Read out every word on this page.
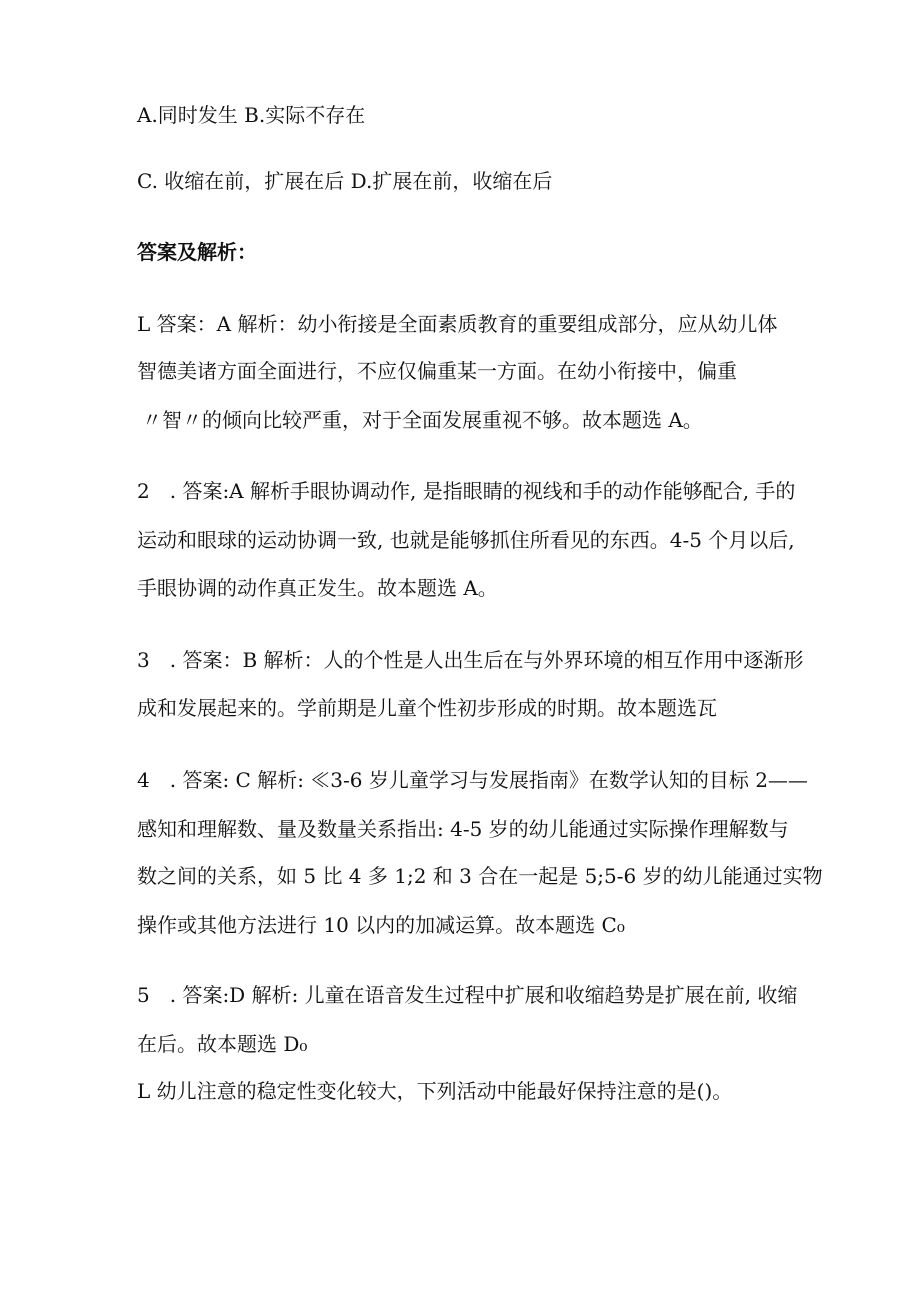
A.同时发生 B.实际不存在

C. 收缩在前，扩展在后 D.扩展在前，收缩在后

答案及解析：

L 答案：A 解析：幼小衔接是全面素质教育的重要组成部分，应从幼儿体

智德美诸方面全面进行，不应仅偏重某一方面。在幼小衔接中，偏重

〃智〃的倾向比较严重，对于全面发展重视不够。故本题选 A。

2　. 答案:A 解析手眼协调动作, 是指眼睛的视线和手的动作能够配合, 手的

运动和眼球的运动协调一致, 也就是能够抓住所看见的东西。4-5 个月以后,

手眼协调的动作真正发生。故本题选 A。

3　. 答案：B 解析：人的个性是人出生后在与外界环境的相互作用中逐渐形

成和发展起来的。学前期是儿童个性初步形成的时期。故本题选瓦

4　. 答案: C 解析: ≪3-6 岁儿童学习与发展指南》在数学认知的目标 2——

感知和理解数、量及数量关系指出: 4-5 岁的幼儿能通过实际操作理解数与

数之间的关系，如 5 比 4 多 1;2 和 3 合在一起是 5;5-6 岁的幼儿能通过实物

操作或其他方法进行 10 以内的加减运算。故本题选 C₀

5　. 答案:D 解析: 儿童在语音发生过程中扩展和收缩趋势是扩展在前, 收缩

在后。故本题选 D₀

L 幼儿注意的稳定性变化较大，下列活动中能最好保持注意的是()。
